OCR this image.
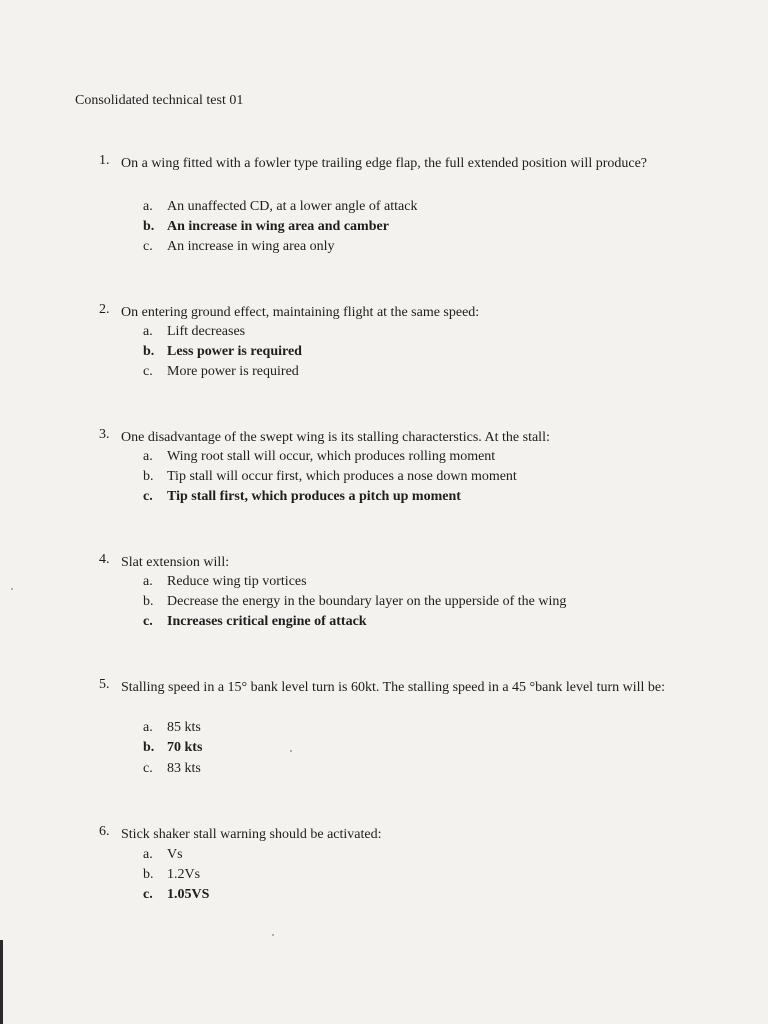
Consolidated technical test 01
1. On a wing fitted with a fowler type trailing edge flap, the full extended position will produce?
a. An unaffected CD, at a lower angle of attack
b. An increase in wing area and camber
c. An increase in wing area only
2. On entering ground effect, maintaining flight at the same speed:
a. Lift decreases
b. Less power is required
c. More power is required
3. One disadvantage of the swept wing is its stalling characterstics. At the stall:
a. Wing root stall will occur, which produces rolling moment
b. Tip stall will occur first, which produces a nose down moment
c. Tip stall first, which produces a pitch up moment
4. Slat extension will:
a. Reduce wing tip vortices
b. Decrease the energy in the boundary layer on the upperside of the wing
c. Increases critical engine of attack
5. Stalling speed in a 15° bank level turn is 60kt. The stalling speed in a 45 °bank level turn will be:
a. 85 kts
b. 70 kts
c. 83 kts
6. Stick shaker stall warning should be activated:
a. Vs
b. 1.2Vs
c. 1.05VS
